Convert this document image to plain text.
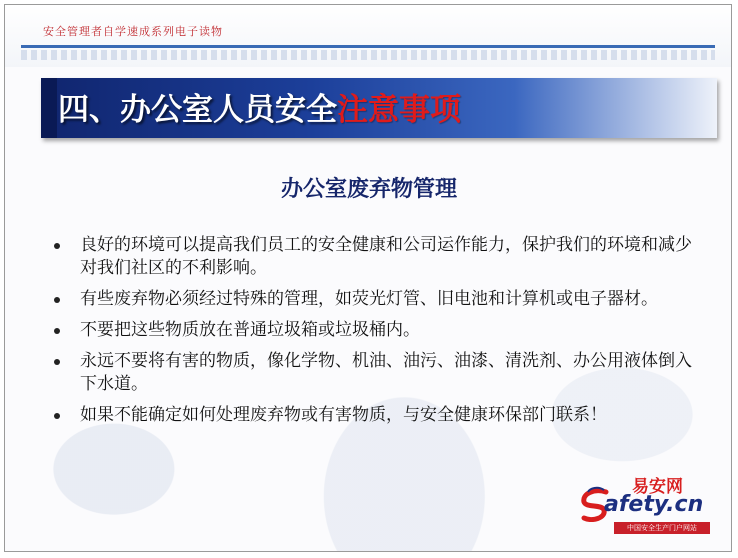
安全管理者自学速成系列电子读物
四、办公室人员安全注意事项
办公室废弃物管理
良好的环境可以提高我们员工的安全健康和公司运作能力，保护我们的环境和减少对我们社区的不利影响。
有些废弃物必须经过特殊的管理，如荧光灯管、旧电池和计算机或电子器材。
不要把这些物质放在普通垃圾箱或垃圾桶内。
永远不要将有害的物质，像化学物、机油、油污、油漆、清洗剂、办公用液体倒入下水道。
如果不能确定如何处理废弃物或有害物质，与安全健康环保部门联系！
易安网
afety.cn
中国安全生产门户网站
